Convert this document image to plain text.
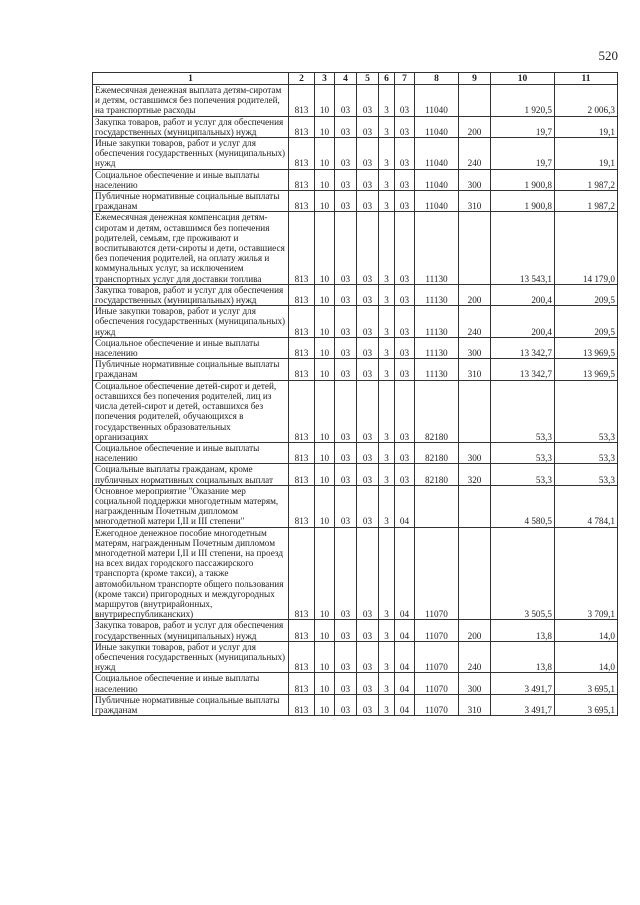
520
1	2	3	4	5	6	7	8	9	10	11
Ежемесячная денежная выплата детям-сиротам и детям, оставшимся без попечения родителей, на транспортные расходы	813	10	03	03	3	03	11040		1 920,5	2 006,3
Закупка товаров, работ и услуг для обеспечения государственных (муниципальных) нужд	813	10	03	03	3	03	11040	200	19,7	19,1
Иные закупки товаров, работ и услуг для обеспечения государственных (муниципальных) нужд	813	10	03	03	3	03	11040	240	19,7	19,1
Социальное обеспечение и иные выплаты населению	813	10	03	03	3	03	11040	300	1 900,8	1 987,2
Публичные нормативные социальные выплаты гражданам	813	10	03	03	3	03	11040	310	1 900,8	1 987,2
Ежемесячная денежная компенсация детям-сиротам и детям, оставшимся без попечения родителей, семьям, где проживают и воспитываются дети-сироты и дети, оставшиеся без попечения родителей, на оплату жилья и коммунальных услуг, за исключением транспортных услуг для доставки топлива	813	10	03	03	3	03	11130		13 543,1	14 179,0
Закупка товаров, работ и услуг для обеспечения государственных (муниципальных) нужд	813	10	03	03	3	03	11130	200	200,4	209,5
Иные закупки товаров, работ и услуг для обеспечения государственных (муниципальных) нужд	813	10	03	03	3	03	11130	240	200,4	209,5
Социальное обеспечение и иные выплаты населению	813	10	03	03	3	03	11130	300	13 342,7	13 969,5
Публичные нормативные социальные выплаты гражданам	813	10	03	03	3	03	11130	310	13 342,7	13 969,5
Социальное обеспечение детей-сирот и детей, оставшихся без попечения родителей, лиц из числа детей-сирот и детей, оставшихся без попечения родителей, обучающихся в государственных образовательных организациях	813	10	03	03	3	03	82180		53,3	53,3
Социальное обеспечение и иные выплаты населению	813	10	03	03	3	03	82180	300	53,3	53,3
Социальные выплаты гражданам, кроме публичных нормативных социальных выплат	813	10	03	03	3	03	82180	320	53,3	53,3
Основное мероприятие "Оказание мер социальной поддержки многодетным матерям, награжденным Почетным дипломом многодетной матери I,II и III степени"	813	10	03	03	3	04			4 580,5	4 784,1
Ежегодное денежное пособие многодетным матерям, награжденным Почетным дипломом многодетной матери I,II и III степени, на проезд на всех видах городского пассажирского транспорта (кроме такси), а также автомобильном транспорте общего пользования (кроме такси) пригородных и междугородных маршрутов (внутрирайонных, внутриреспубликанских)	813	10	03	03	3	04	11070		3 505,5	3 709,1
Закупка товаров, работ и услуг для обеспечения государственных (муниципальных) нужд	813	10	03	03	3	04	11070	200	13,8	14,0
Иные закупки товаров, работ и услуг для обеспечения государственных (муниципальных) нужд	813	10	03	03	3	04	11070	240	13,8	14,0
Социальное обеспечение и иные выплаты населению	813	10	03	03	3	04	11070	300	3 491,7	3 695,1
Публичные нормативные социальные выплаты гражданам	813	10	03	03	3	04	11070	310	3 491,7	3 695,1
